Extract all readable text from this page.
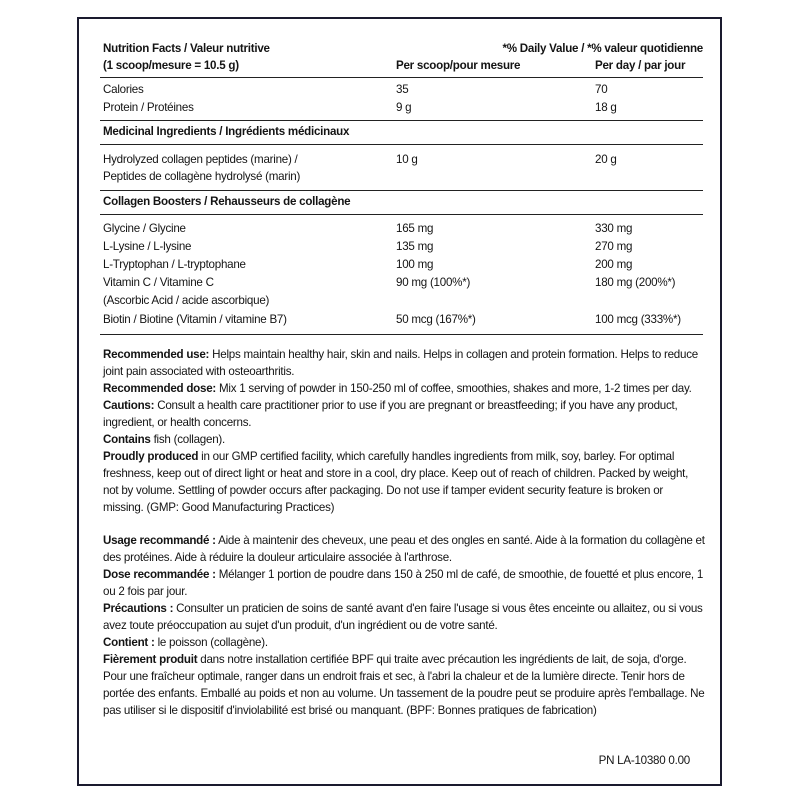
Nutrition Facts / Valeur nutritive
(1 scoop/mesure = 10.5 g)
*% Daily Value / *% valeur quotidienne
Per scoop/pour mesure	Per day / par jour
Calories	35	70
Protein / Protéines	9 g	18 g
Medicinal Ingredients / Ingrédients médicinaux
Hydrolyzed collagen peptides (marine) /
Peptides de collagène hydrolysé (marin)
10 g	20 g
Collagen Boosters / Rehausseurs de collagène
Glycine / Glycine	165 mg	330 mg
L-Lysine / L-lysine	135 mg	270 mg
L-Tryptophan / L-tryptophane	100 mg	200 mg
Vitamin C / Vitamine C	90 mg (100%*)	180 mg (200%*)
(Ascorbic Acid / acide ascorbique)
Biotin / Biotine (Vitamin / vitamine B7)	50 mcg (167%*)	100 mcg (333%*)
Recommended use: Helps maintain healthy hair, skin and nails. Helps in collagen and protein formation. Helps to reduce joint pain associated with osteoarthritis.
Recommended dose: Mix 1 serving of powder in 150-250 ml of coffee, smoothies, shakes and more, 1-2 times per day.
Cautions: Consult a health care practitioner prior to use if you are pregnant or breastfeeding; if you have any product, ingredient, or health concerns.
Contains fish (collagen).
Proudly produced in our GMP certified facility, which carefully handles ingredients from milk, soy, barley. For optimal freshness, keep out of direct light or heat and store in a cool, dry place. Keep out of reach of children. Packed by weight, not by volume. Settling of powder occurs after packaging. Do not use if tamper evident security feature is broken or missing. (GMP: Good Manufacturing Practices)
Usage recommandé : Aide à maintenir des cheveux, une peau et des ongles en santé. Aide à la formation du collagène et des protéines. Aide à réduire la douleur articulaire associée à l'arthrose.
Dose recommandée : Mélanger 1 portion de poudre dans 150 à 250 ml de café, de smoothie, de fouetté et plus encore, 1 ou 2 fois par jour.
Précautions : Consulter un praticien de soins de santé avant d'en faire l'usage si vous êtes enceinte ou allaitez, ou si vous avez toute préoccupation au sujet d'un produit, d'un ingrédient ou de votre santé.
Contient : le poisson (collagène).
Fièrement produit dans notre installation certifiée BPF qui traite avec précaution les ingrédients de lait, de soja, d'orge. Pour une fraîcheur optimale, ranger dans un endroit frais et sec, à l'abri la chaleur et de la lumière directe. Tenir hors de portée des enfants. Emballé au poids et non au volume. Un tassement de la poudre peut se produire après l'emballage. Ne pas utiliser si le dispositif d'inviolabilité est brisé ou manquant. (BPF: Bonnes pratiques de fabrication)
PN LA-10380 0.00
